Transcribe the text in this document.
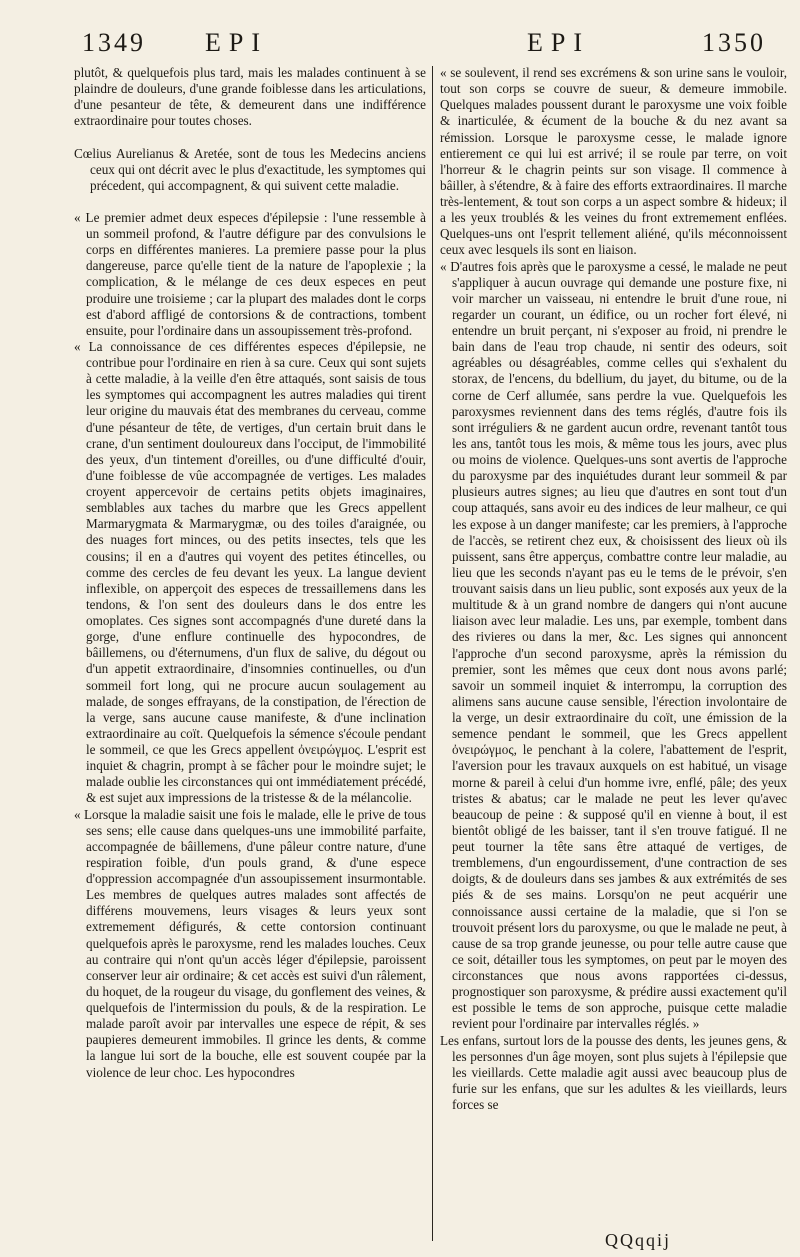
1349 EPI	EPI	1350

plutôt, & quelquefois plus tard, mais les malades continuent à se plaindre de douleurs, d'une grande foiblesse dans les articulations, d'une pesanteur de tête, & demeurent dans une indifférence extraordinaire pour toutes choses.

Cœlius Aurelianus & Aretée, sont de tous les Medecins anciens ceux qui ont décrit avec le plus d'exactitude, les symptomes qui précedent, qui accompagnent, & qui suivent cette maladie.

« Le premier admet deux especes d'épilepsie : l'une ressemble à un sommeil profond, & l'autre défigure par des convulsions le corps en différentes manieres. La premiere passe pour la plus dangereuse, parce qu'elle tient de la nature de l'apoplexie ; la complication, & le mélange de ces deux especes en peut produire une troisieme ; car la plupart des malades dont le corps est d'abord affligé de contorsions & de contractions, tombent ensuite, pour l'ordinaire dans un assoupissement très-profond.

« La connoissance de ces différentes especes d'épilepsie, ne contribue pour l'ordinaire en rien à sa cure. Ceux qui sont sujets à cette maladie, à la veille d'en être attaqués, sont saisis de tous les symptomes qui accompagnent les autres maladies qui tirent leur origine du mauvais état des membranes du cerveau, comme d'une pésanteur de tête, de vertiges, d'un certain bruit dans le crane, d'un sentiment douloureux dans l'occiput, de l'immobilité des yeux, d'un tintement d'oreilles, ou d'une difficulté d'ouir, d'une foiblesse de vûe accompagnée de vertiges. Les malades croyent appercevoir de certains petits objets imaginaires, semblables aux taches du marbre que les Grecs appellent Marmarygmata & Marmarygmæ, ou des toiles d'araignée, ou des nuages fort minces, ou des petits insectes, tels que les cousins; il en a d'autres qui voyent des petites étincelles, ou comme des cercles de feu devant les yeux. La langue devient inflexible, on apperçoit des especes de tressaillemens dans les tendons, & l'on sent des douleurs dans le dos entre les omoplates. Ces signes sont accompagnés d'une dureté dans la gorge, d'une enflure continuelle des hypocondres, de bâillemens, ou d'éternumens, d'un flux de salive, du dégout ou d'un appetit extraordinaire, d'insomnies continuelles, ou d'un sommeil fort long, qui ne procure aucun soulagement au malade, de songes effrayans, de la constipation, de l'érection de la verge, sans aucune cause manifeste, & d'une inclination extraordinaire au coït. Quelquefois la sémence s'écoule pendant le sommeil, ce que les Grecs appellent ὀνειρώγμος. L'esprit est inquiet & chagrin, prompt à se fâcher pour le moindre sujet; le malade oublie les circonstances qui ont immédiatement précédé, & est sujet aux impressions de la tristesse & de la mélancolie.

« Lorsque la maladie saisit une fois le malade, elle le prive de tous ses sens; elle cause dans quelques-uns une immobilité parfaite, accompagnée de bâillemens, d'une pâleur contre nature, d'une respiration foible, d'un pouls grand, & d'une espece d'oppression accompagnée d'un assoupissement insurmontable. Les membres de quelques autres malades sont affectés de différens mouvemens, leurs visages & leurs yeux sont extremement défigurés, & cette contorsion continuant quelquefois après le paroxysme, rend les malades louches. Ceux au contraire qui n'ont qu'un accès léger d'épilepsie, paroissent conserver leur air ordinaire; & cet accès est suivi d'un râlement, du hoquet, de la rougeur du visage, du gonflement des veines, & quelquefois de l'intermission du pouls, & de la respiration. Le malade paroît avoir par intervalles une espece de répit, & ses paupieres demeurent immobiles. Il grince les dents, & comme la langue lui sort de la bouche, elle est souvent coupée par la violence de leur choc. Les hypocondres

« se soulevent, il rend ses excrémens & son urine sans le vouloir, tout son corps se couvre de sueur, & demeure immobile. Quelques malades poussent durant le paroxysme une voix foible & inarticulée, & écument de la bouche & du nez avant sa rémission. Lorsque le paroxysme cesse, le malade ignore entierement ce qui lui est arrivé; il se roule par terre, on voit l'horreur & le chagrin peints sur son visage. Il commence à bâiller, à s'étendre, & à faire des efforts extraordinaires. Il marche très-lentement, & tout son corps a un aspect sombre & hideux; il a les yeux troublés & les veines du front extremement enflées. Quelques-uns ont l'esprit tellement aliéné, qu'ils méconnoissent ceux avec lesquels ils sont en liaison.

« D'autres fois après que le paroxysme a cessé, le malade ne peut s'appliquer à aucun ouvrage qui demande une posture fixe, ni voir marcher un vaisseau, ni entendre le bruit d'une roue, ni regarder un courant, un édifice, ou un rocher fort élevé, ni entendre un bruit perçant, ni s'exposer au froid, ni prendre le bain dans de l'eau trop chaude, ni sentir des odeurs, soit agréables ou désagréables, comme celles qui s'exhalent du storax, de l'encens, du bdellium, du jayet, du bitume, ou de la corne de Cerf allumée, sans perdre la vue. Quelquefois les paroxysmes reviennent dans des tems réglés, d'autre fois ils sont irréguliers & ne gardent aucun ordre, revenant tantôt tous les ans, tantôt tous les mois, & même tous les jours, avec plus ou moins de violence. Quelques-uns sont avertis de l'approche du paroxysme par des inquiétudes durant leur sommeil & par plusieurs autres signes; au lieu que d'autres en sont tout d'un coup attaqués, sans avoir eu des indices de leur malheur, ce qui les expose à un danger manifeste; car les premiers, à l'approche de l'accès, se retirent chez eux, & choisissent des lieux où ils puissent, sans être apperçus, combattre contre leur maladie, au lieu que les seconds n'ayant pas eu le tems de le prévoir, s'en trouvant saisis dans un lieu public, sont exposés aux yeux de la multitude & à un grand nombre de dangers qui n'ont aucune liaison avec leur maladie. Les uns, par exemple, tombent dans des rivieres ou dans la mer, &c. Les signes qui annoncent l'approche d'un second paroxysme, après la rémission du premier, sont les mêmes que ceux dont nous avons parlé; savoir un sommeil inquiet & interrompu, la corruption des alimens sans aucune cause sensible, l'érection involontaire de la verge, un desir extraordinaire du coït, une émission de la semence pendant le sommeil, que les Grecs appellent ὀνειρώγμος, le penchant à la colere, l'abattement de l'esprit, l'aversion pour les travaux auxquels on est habitué, un visage morne & pareil à celui d'un homme ivre, enflé, pâle; des yeux tristes & abatus; car le malade ne peut les lever qu'avec beaucoup de peine : & supposé qu'il en vienne à bout, il est bientôt obligé de les baisser, tant il s'en trouve fatigué. Il ne peut tourner la tête sans être attaqué de vertiges, de tremblemens, d'un engourdissement, d'une contraction de ses doigts, & de douleurs dans ses jambes & aux extrémités de ses piés & de ses mains. Lorsqu'on ne peut acquérir une connoissance aussi certaine de la maladie, que si l'on se trouvoit présent lors du paroxysme, ou que le malade ne peut, à cause de sa trop grande jeunesse, ou pour telle autre cause que ce soit, détailler tous les symptomes, on peut par le moyen des circonstances que nous avons rapportées ci-dessus, prognostiquer son paroxysme, & prédire aussi exactement qu'il est possible le tems de son approche, puisque cette maladie revient pour l'ordinaire par intervalles réglés. »

Les enfans, surtout lors de la pousse des dents, les jeunes gens, & les personnes d'un âge moyen, sont plus sujets à l'épilepsie que les vieillards. Cette maladie agit aussi avec beaucoup plus de furie sur les enfans, que sur les adultes & les vieillards, leurs forces se

QQqqij
